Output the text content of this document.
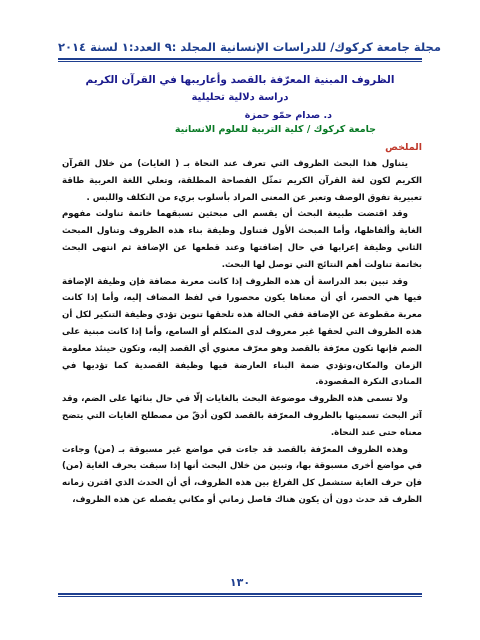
مجلة جامعة كركوك/ للدراسات الإنسانية المجلد :٩ العدد:١ لسنة ٢٠١٤
الظروف المبنية المعرّفة بالقصد وأعاريبها في القرآن الكريم
دراسة دلالية تحليلية
د. صدام حمّو حمزة
جامعة كركوك / كلية التربية للعلوم الانسانية
الملخص

يتناول هذا البحث الظروف التي تعرف عند النحاة بـ ( الغايات) من خلال القرآن الكريم لكون لغة القرآن الكريم تمثّل الفصاحة المطلقة، وتعلي اللغة العربية طاقة تعبيرية تفوق الوصف وتعبر عن المعنى المراد بأسلوب بريء من التكلف واللبس .

وقد اقتضت طبيعة البحث أن يقسم الى مبحثين تسبقهما خاتمة تناولت مفهوم الغاية وألفاظها، وأما المبحث الأول فتناول وظيفة بناء هذه الظروف وتناول المبحث الثاني وظيفة إعرابها في حال إضافتها وعند قطعها عن الإضافة ثم انتهى البحث بخاتمة تناولت أهم النتائج التي توصل لها البحث.

وقد تبين بعد الدراسة أن هذه الظروف إذا كانت معربة مضافة فإن وظيفة الإضافة فيها هي الحصر، أي أن معناها يكون محصورا في لفظ المضاف إليه، وأما إذا كانت معربة مقطوعة عن الإضافة ففي الحالة هذه تلحقها تنوين تؤدي وظيفة التنكير لكل أن هذه الظروف التي لحقها غير معروف لدى المتكلم أو السامع، وأما إذا كانت مبنية على الضم فإنها تكون معرّفة بالقصد وهو معرّف معنوي أي القصد إليه، وتكون حينئذ معلومة الزمان والمكان،وتؤدي ضمة البناء العارضة فيها وظيفة القصدية كما تؤديها في المنادى النكرة المقصودة.

ولا تسمى هذه الظروف موضوعة البحث بالغايات إلّا في حال بنائها على الضم، وقد آثر البحث تسميتها بالظروف المعرّفة بالقصد لكون أدقّ من مصطلح الغايات التي يتضح معناه حتى عند النحاة.

وهذه الظروف المعرّفة بالقصد قد جاءت في مواضع غير مسبوقة بـ (من) وجاءت في مواضع أخرى مسبوقة بها، وتبين من خلال البحث أنها إذا سبقت بحرف الغاية (من) فإن حرف الغاية ستشمل كل الفراغ بين هذه الظروف، أي أن الحدث الذي اقترن زمانه الظرف قد حدث دون أن يكون هناك فاصل زماني أو مكاني يفصله عن هذه الظروف،

١٣٠
